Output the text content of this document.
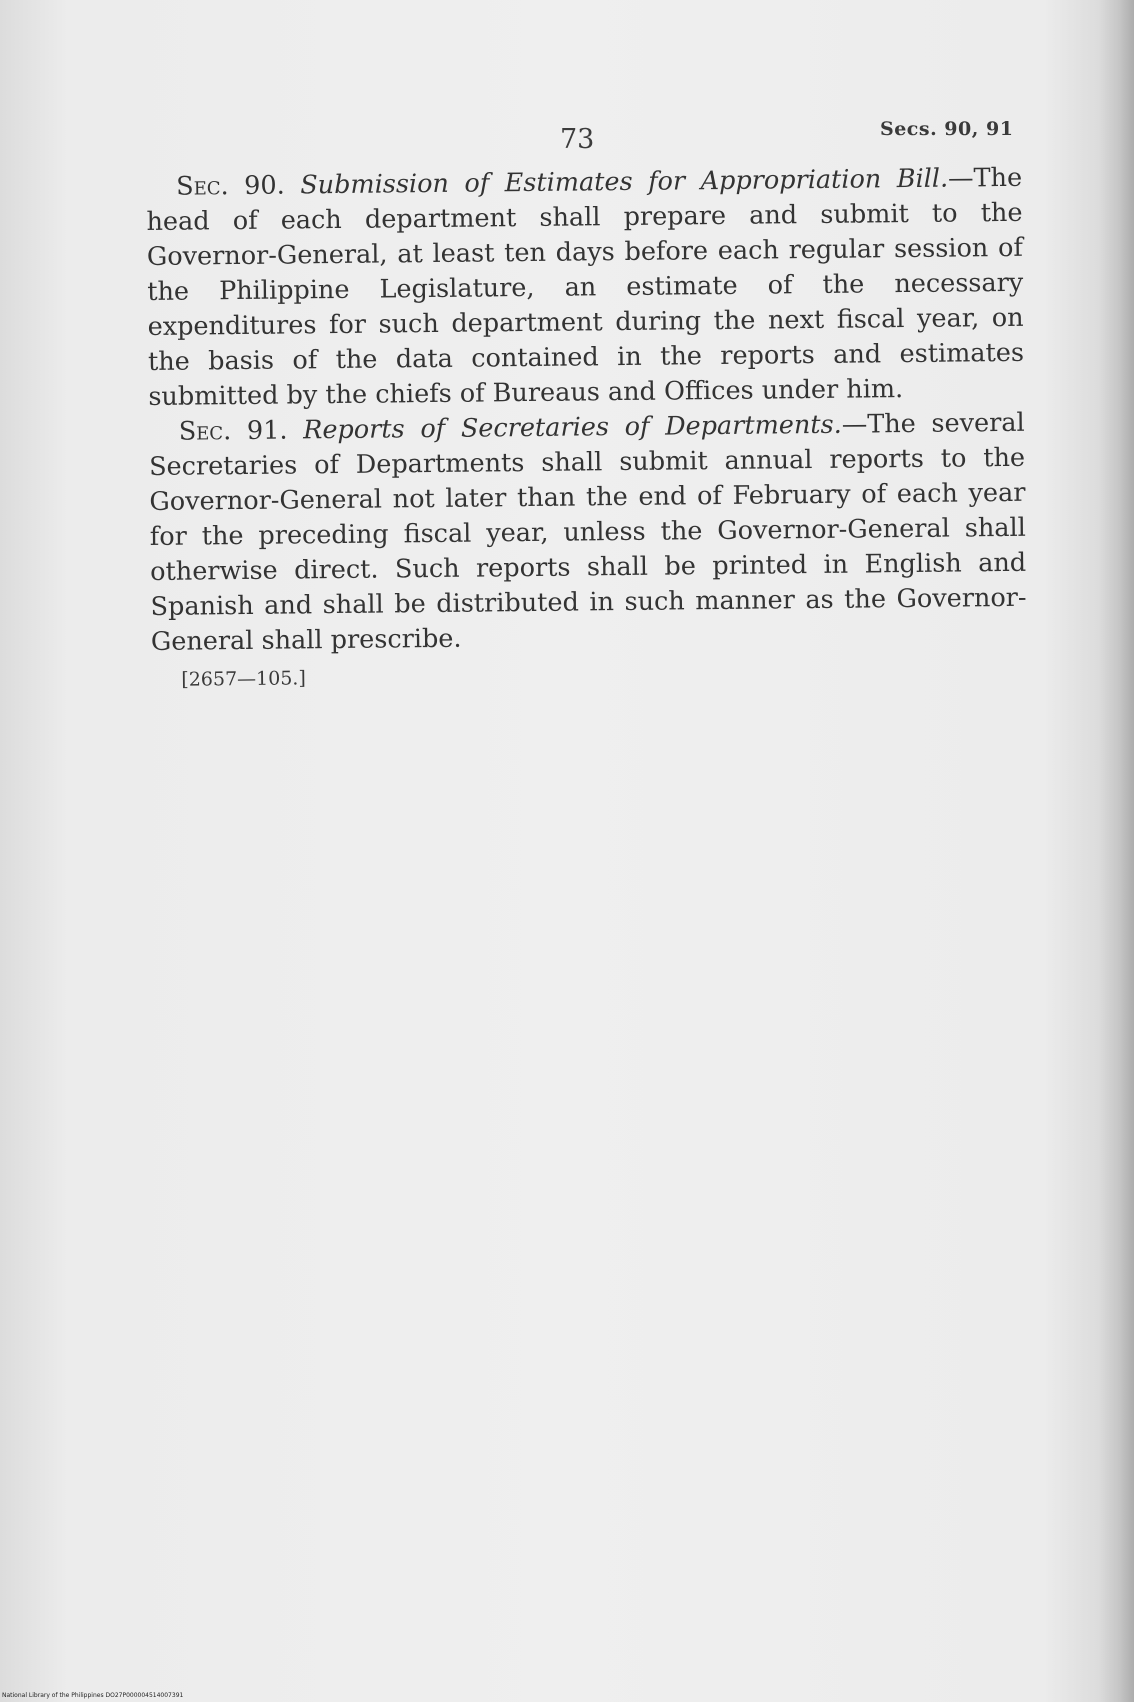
73	Secs. 90, 91

Sec. 90. Submission of Estimates for Appropriation Bill.—The head of each department shall prepare and submit to the Governor-General, at least ten days before each regular session of the Philippine Legislature, an estimate of the necessary expenditures for such department during the next fiscal year, on the basis of the data contained in the reports and estimates submitted by the chiefs of Bureaus and Offices under him.

Sec. 91. Reports of Secretaries of Departments.—The several Secretaries of Departments shall submit annual reports to the Governor-General not later than the end of February of each year for the preceding fiscal year, unless the Governor-General shall otherwise direct. Such reports shall be printed in English and Spanish and shall be distributed in such manner as the Governor-General shall prescribe.

[2657—105.]
National Library of the Philippines DO27P000004514007391
